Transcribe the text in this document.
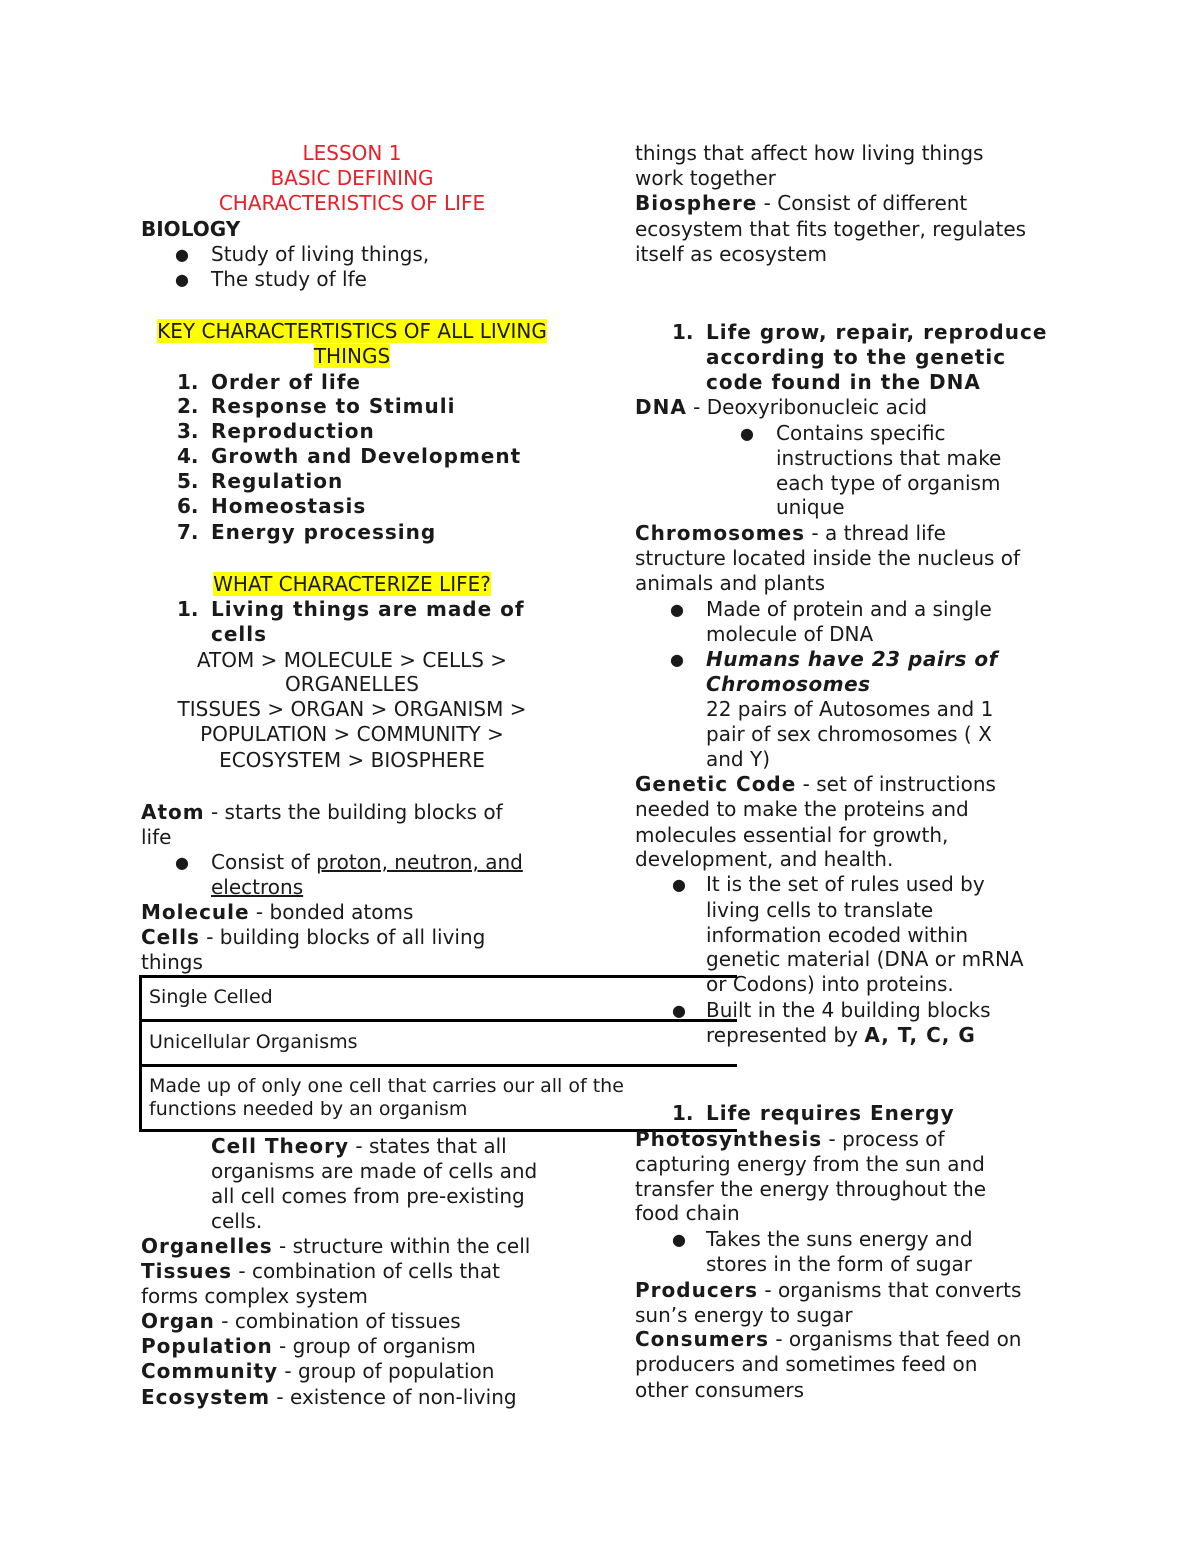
LESSON 1
BASIC DEFINING
CHARACTERISTICS OF LIFE
BIOLOGY
● Study of living things,
● The study of lfe
KEY CHARACTERTISTICS OF ALL LIVING
THINGS
1. Order of life
2. Response to Stimuli
3. Reproduction
4. Growth and Development
5. Regulation
6. Homeostasis
7. Energy processing
WHAT CHARACTERIZE LIFE?
1. Living things are made of
cells
ATOM > MOLECULE > CELLS >
ORGANELLES
TISSUES > ORGAN > ORGANISM >
POPULATION > COMMUNITY >
ECOSYSTEM > BIOSPHERE
Atom - starts the building blocks of
life
● Consist of proton, neutron, and
electrons
Molecule - bonded atoms
Cells - building blocks of all living
things
Single Celled
Unicellular Organisms
Made up of only one cell that carries our all of the
functions needed by an organism
Cell Theory - states that all
organisms are made of cells and
all cell comes from pre-existing
cells.
Organelles - structure within the cell
Tissues - combination of cells that
forms complex system
Organ - combination of tissues
Population - group of organism
Community - group of population
Ecosystem - existence of non-living
things that affect how living things
work together
Biosphere - Consist of different
ecosystem that fits together, regulates
itself as ecosystem
1. Life grow, repair, reproduce
according to the genetic
code found in the DNA
DNA - Deoxyribonucleic acid
● Contains specific
instructions that make
each type of organism
unique
Chromosomes - a thread life
structure located inside the nucleus of
animals and plants
● Made of protein and a single
molecule of DNA
● Humans have 23 pairs of
Chromosomes
22 pairs of Autosomes and 1
pair of sex chromosomes ( X
and Y)
Genetic Code - set of instructions
needed to make the proteins and
molecules essential for growth,
development, and health.
● It is the set of rules used by
living cells to translate
information ecoded within
genetic material (DNA or mRNA
or Codons) into proteins.
● Built in the 4 building blocks
represented by A, T, C, G
1. Life requires Energy
Photosynthesis - process of
capturing energy from the sun and
transfer the energy throughout the
food chain
● Takes the suns energy and
stores in the form of sugar
Producers - organisms that converts
sun’s energy to sugar
Consumers - organisms that feed on
producers and sometimes feed on
other consumers
